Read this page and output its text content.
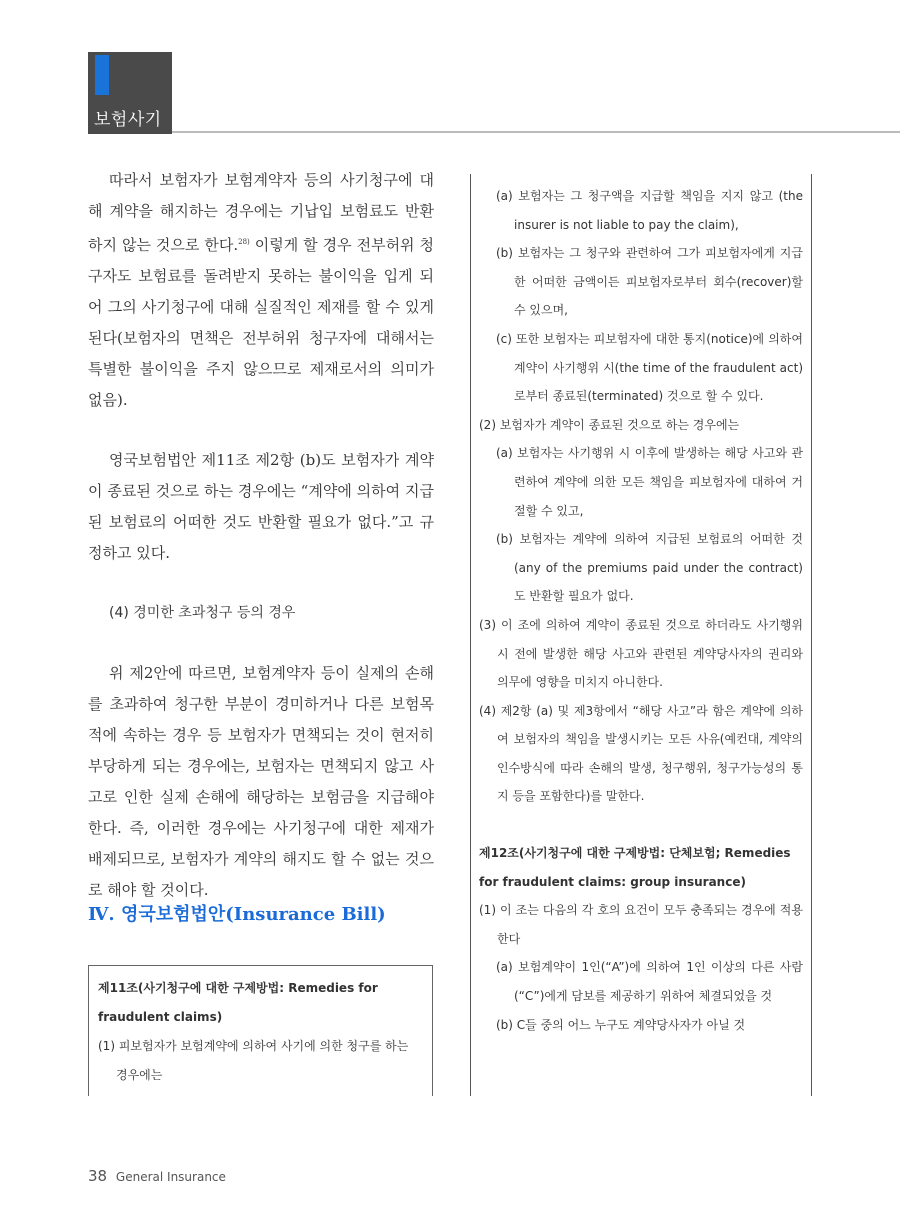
보험사기

따라서 보험자가 보험계약자 등의 사기청구에 대해 계약을 해지하는 경우에는 기납입 보험료도 반환하지 않는 것으로 한다.$^{28)}$ 이렇게 할 경우 전부허위 청구자도 보험료를 돌려받지 못하는 불이익을 입게 되어 그의 사기청구에 대해 실질적인 제재를 할 수 있게 된다(보험자의 면책은 전부허위 청구자에 대해서는 특별한 불이익을 주지 않으므로 제재로서의 의미가 없음).

영국보험법안 제11조 제2항 (b)도 보험자가 계약이 종료된 것으로 하는 경우에는 “계약에 의하여 지급된 보험료의 어떠한 것도 반환할 필요가 없다.”고 규정하고 있다.

(4) 경미한 초과청구 등의 경우

위 제2안에 따르면, 보험계약자 등이 실제의 손해를 초과하여 청구한 부분이 경미하거나 다른 보험목적에 속하는 경우 등 보험자가 면책되는 것이 현저히 부당하게 되는 경우에는, 보험자는 면책되지 않고 사고로 인한 실제 손해에 해당하는 보험금을 지급해야 한다. 즉, 이러한 경우에는 사기청구에 대한 제재가 배제되므로, 보험자가 계약의 해지도 할 수 없는 것으로 해야 할 것이다.

Ⅳ. 영국보험법안(Insurance Bill)
제11조(사기청구에 대한 구제방법: Remedies for fraudulent claims)
(1) 피보험자가 보험계약에 의하여 사기에 의한 청구를 하는 경우에는
(a) 보험자는 그 청구액을 지급할 책임을 지지 않고 (the insurer is not liable to pay the claim),
(b) 보험자는 그 청구와 관련하여 그가 피보험자에게 지급한 어떠한 금액이든 피보험자로부터 회수(recover)할 수 있으며,
(c) 또한 보험자는 피보험자에 대한 통지(notice)에 의하여 계약이 사기행위 시(the time of the fraudulent act)로부터 종료된(terminated) 것으로 할 수 있다.
(2) 보험자가 계약이 종료된 것으로 하는 경우에는
(a) 보험자는 사기행위 시 이후에 발생하는 해당 사고와 관련하여 계약에 의한 모든 책임을 피보험자에 대하여 거절할 수 있고,
(b) 보험자는 계약에 의하여 지급된 보험료의 어떠한 것(any of the premiums paid under the contract)도 반환할 필요가 없다.
(3) 이 조에 의하여 계약이 종료된 것으로 하더라도 사기행위 시 전에 발생한 해당 사고와 관련된 계약당사자의 권리와 의무에 영향을 미치지 아니한다.
(4) 제2항 (a) 및 제3항에서 “해당 사고”라 함은 계약에 의하여 보험자의 책임을 발생시키는 모든 사유(예컨대, 계약의 인수방식에 따라 손해의 발생, 청구행위, 청구가능성의 통지 등을 포함한다)를 말한다.
제12조(사기청구에 대한 구제방법: 단체보험; Remedies for fraudulent claims: group insurance)
(1) 이 조는 다음의 각 호의 요건이 모두 충족되는 경우에 적용한다
(a) 보험계약이 1인(“A”)에 의하여 1인 이상의 다른 사람(“C”)에게 담보를 제공하기 위하여 체결되었을 것
(b) C들 중의 어느 누구도 계약당사자가 아닐 것
38 General Insurance
